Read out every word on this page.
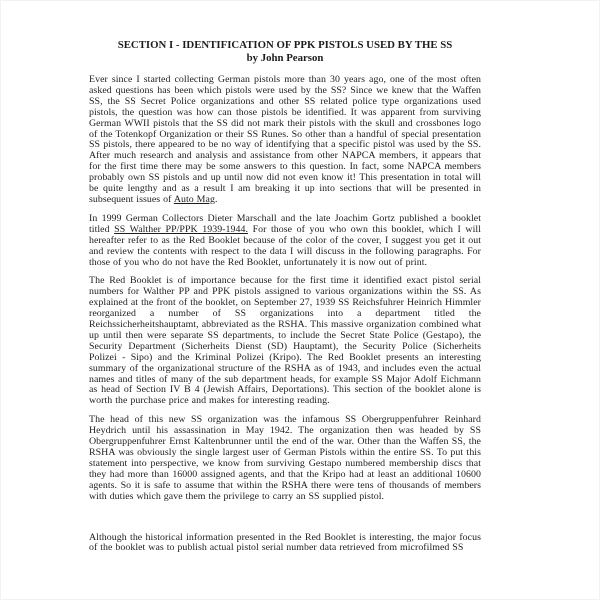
SECTION I - IDENTIFICATION OF PPK PISTOLS USED BY THE SS
by John Pearson

Ever since I started collecting German pistols more than 30 years ago, one of the most often asked questions has been which pistols were used by the SS? Since we knew that the Waffen SS, the SS Secret Police organizations and other SS related police type organizations used pistols, the question was how can those pistols be identified. It was apparent from surviving German WWII pistols that the SS did not mark their pistols with the skull and crossbones logo of the Totenkopf Organization or their SS Runes. So other than a handful of special presentation SS pistols, there appeared to be no way of identifying that a specific pistol was used by the SS. After much research and analysis and assistance from other NAPCA members, it appears that for the first time there may be some answers to this question. In fact, some NAPCA members probably own SS pistols and up until now did not even know it! This presentation in total will be quite lengthy and as a result I am breaking it up into sections that will be presented in subsequent issues of Auto Mag.

In 1999 German Collectors Dieter Marschall and the late Joachim Gortz published a booklet titled SS Walther PP/PPK 1939-1944. For those of you who own this booklet, which I will hereafter refer to as the Red Booklet because of the color of the cover, I suggest you get it out and review the contents with respect to the data I will discuss in the following paragraphs. For those of you who do not have the Red Booklet, unfortunately it is now out of print.

The Red Booklet is of importance because for the first time it identified exact pistol serial numbers for Walther PP and PPK pistols assigned to various organizations within the SS. As explained at the front of the booklet, on September 27, 1939 SS Reichsfuhrer Heinrich Himmler reorganized a number of SS organizations into a department titled the Reichssicherheitshauptamt, abbreviated as the RSHA. This massive organization combined what up until then were separate SS departments, to include the Secret State Police (Gestapo), the Security Department (Sicherheits Dienst (SD) Hauptamt), the Security Police (Sicherheits Polizei - Sipo) and the Kriminal Polizei (Kripo). The Red Booklet presents an interesting summary of the organizational structure of the RSHA as of 1943, and includes even the actual names and titles of many of the sub department heads, for example SS Major Adolf Eichmann as head of Section IV B 4 (Jewish Affairs, Deportations). This section of the booklet alone is worth the purchase price and makes for interesting reading.

The head of this new SS organization was the infamous SS Obergruppenfuhrer Reinhard Heydrich until his assassination in May 1942. The organization then was headed by SS Obergruppenfuhrer Ernst Kaltenbrunner until the end of the war. Other than the Waffen SS, the RSHA was obviously the single largest user of German Pistols within the entire SS. To put this statement into perspective, we know from surviving Gestapo numbered membership discs that they had more than 16000 assigned agents, and that the Kripo had at least an additional 10600 agents. So it is safe to assume that within the RSHA there were tens of thousands of members with duties which gave them the privilege to carry an SS supplied pistol.

Although the historical information presented in the Red Booklet is interesting, the major focus of the booklet was to publish actual pistol serial number data retrieved from microfilmed SS
